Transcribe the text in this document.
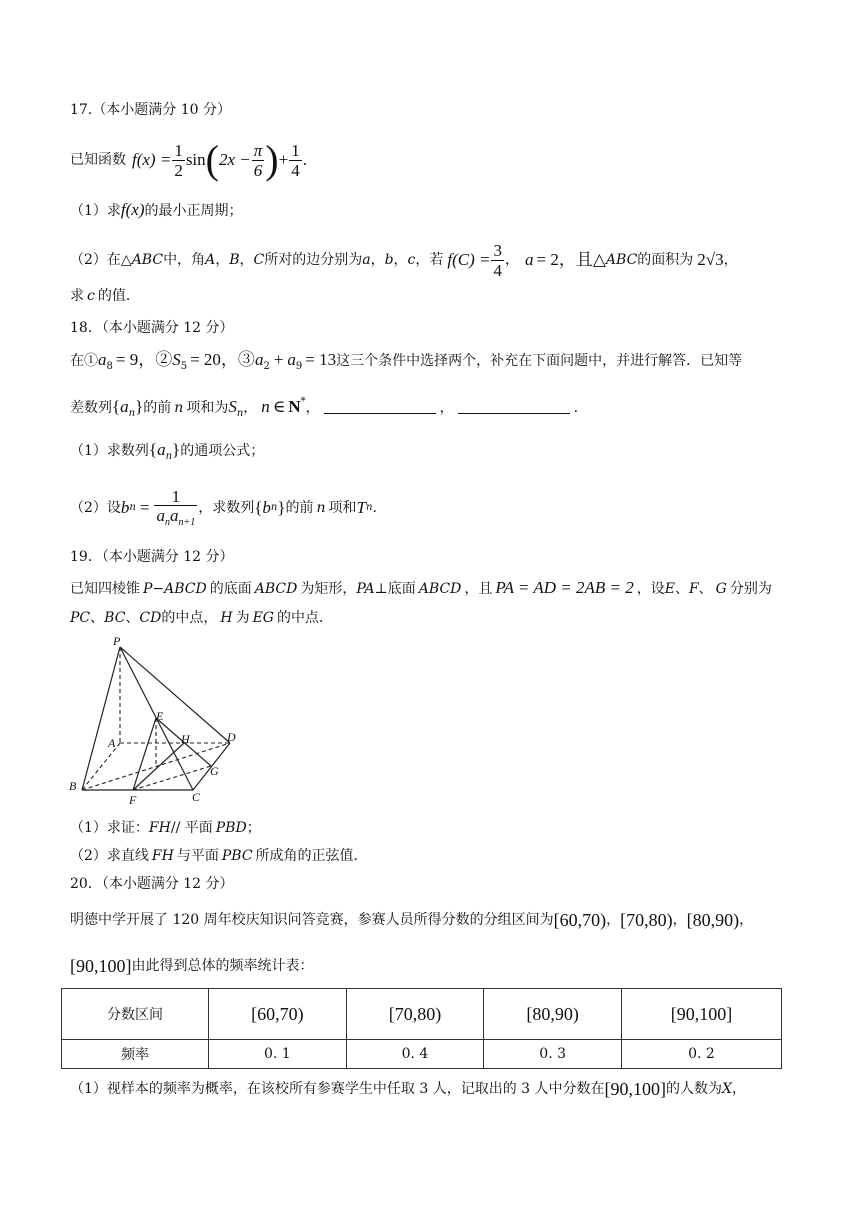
17.（本小题满分 10 分）
已知函数 $f(x) = \frac{1}{2}$ sin ( $2x - \frac{\pi}{6}$ ) + $\frac{1}{4}$ .
（1）求f(x)的最小正周期；
（2）在△ ABC 中，角 A ， B ， C 所对的边分别为 a ， b ， c ，若 $f(C) = \frac{3}{4}$ ， a = 2，且△ ABC 的面积为 2 √3 ，
求 c 的值．
18．（本小题满分 12 分）
在$①a_8 = 9$，$②S_5 = 20$，$③a_2 + a_9 = 13$这三个条件中选择两个，补充在下面问题中，并进行解答．已知等
差数列$\{a_n\}$的前 n 项和为$S_n$， n ∈ N*，	，	.
（1）求数列$\{a_n\}$的通项公式；
（2）设 b $n = \frac{1}{a_na_{n+1}}$ ，求数列 { b n } 的前 n 项和 T n ．
19．（本小题满分 12 分）
已知四棱锥 P−ABCD 的底面 ABCD 为矩形，PA⊥底面 ABCD ，且 PA = AD = 2AB = 2 ，设E、F、 G 分别为
PC、BC、CD的中点， H 为 EG 的中点．
P
E
A	H	D
G
B
F	C
（1）求证：FH// 平面 PBD；
（2）求直线 FH 与平面 PBC 所成角的正弦值．
20．（本小题满分 12 分）
明德中学开展了 120 周年校庆知识问答竞赛，参赛人员所得分数的分组区间为 [60,70) ， [70,80) ， [80,90) ，
[90,100] 由此得到总体的频率统计表：
分数区间	[60,70)	[70,80)	[80,90)	[90,100]
频率	0. 1	0. 4	0. 3	0. 2
（1）视样本的频率为概率，在该校所有参赛学生中任取 3 人，记取出的 3 人中分数在 [90,100] 的人数为 X ，
